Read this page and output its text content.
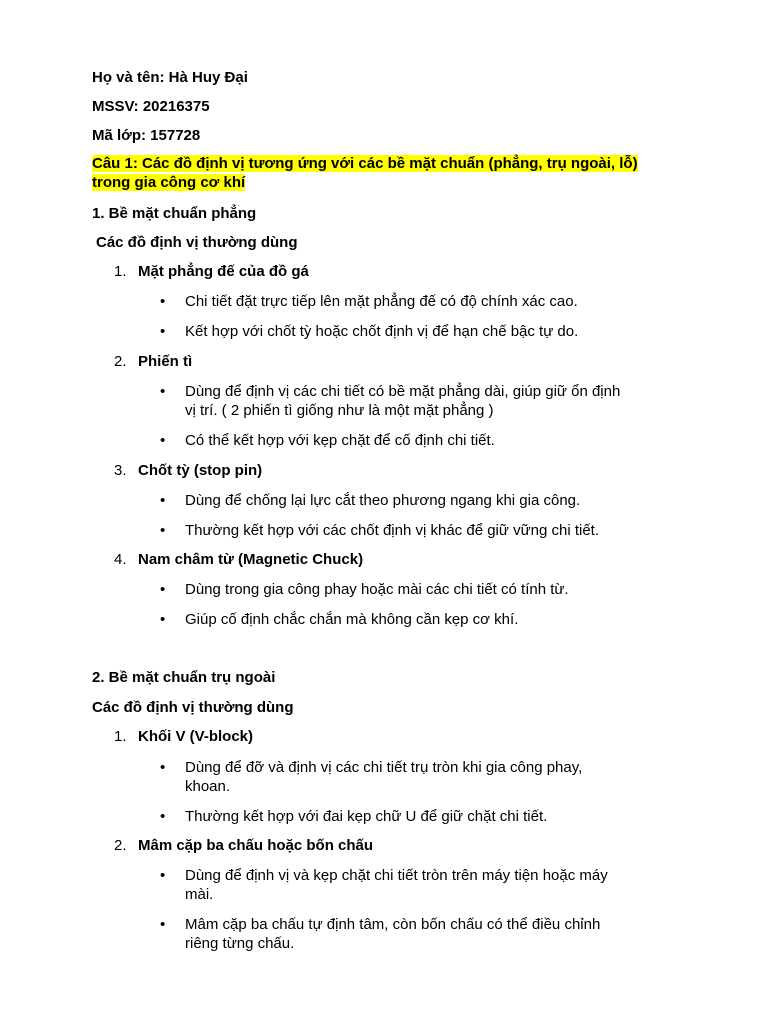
Họ và tên: Hà Huy Đại
MSSV: 20216375
Mã lớp: 157728
Câu 1: Các đồ định vị tương ứng với các bề mặt chuẩn (phẳng, trụ ngoài, lỗ) trong gia công cơ khí
1. Bề mặt chuẩn phẳng
Các đồ định vị thường dùng
1. Mặt phẳng đế của đồ gá
•	Chi tiết đặt trực tiếp lên mặt phẳng đế có độ chính xác cao.
•	Kết hợp với chốt tỳ hoặc chốt định vị để hạn chế bậc tự do.
2. Phiến tì
•	Dùng để định vị các chi tiết có bề mặt phẳng dài, giúp giữ ổn định vị trí. ( 2 phiến tì giống như là một mặt phẳng )
•	Có thể kết hợp với kẹp chặt để cố định chi tiết.
3. Chốt tỳ (stop pin)
•	Dùng để chống lại lực cắt theo phương ngang khi gia công.
•	Thường kết hợp với các chốt định vị khác để giữ vững chi tiết.
4. Nam châm từ (Magnetic Chuck)
•	Dùng trong gia công phay hoặc mài các chi tiết có tính từ.
•	Giúp cố định chắc chắn mà không cần kẹp cơ khí.
2. Bề mặt chuẩn trụ ngoài
Các đồ định vị thường dùng
1. Khối V (V-block)
•	Dùng để đỡ và định vị các chi tiết trụ tròn khi gia công phay, khoan.
•	Thường kết hợp với đai kẹp chữ U để giữ chặt chi tiết.
2. Mâm cặp ba chấu hoặc bốn chấu
•	Dùng để định vị và kẹp chặt chi tiết tròn trên máy tiện hoặc máy mài.
•	Mâm cặp ba chấu tự định tâm, còn bốn chấu có thể điều chỉnh riêng từng chấu.
